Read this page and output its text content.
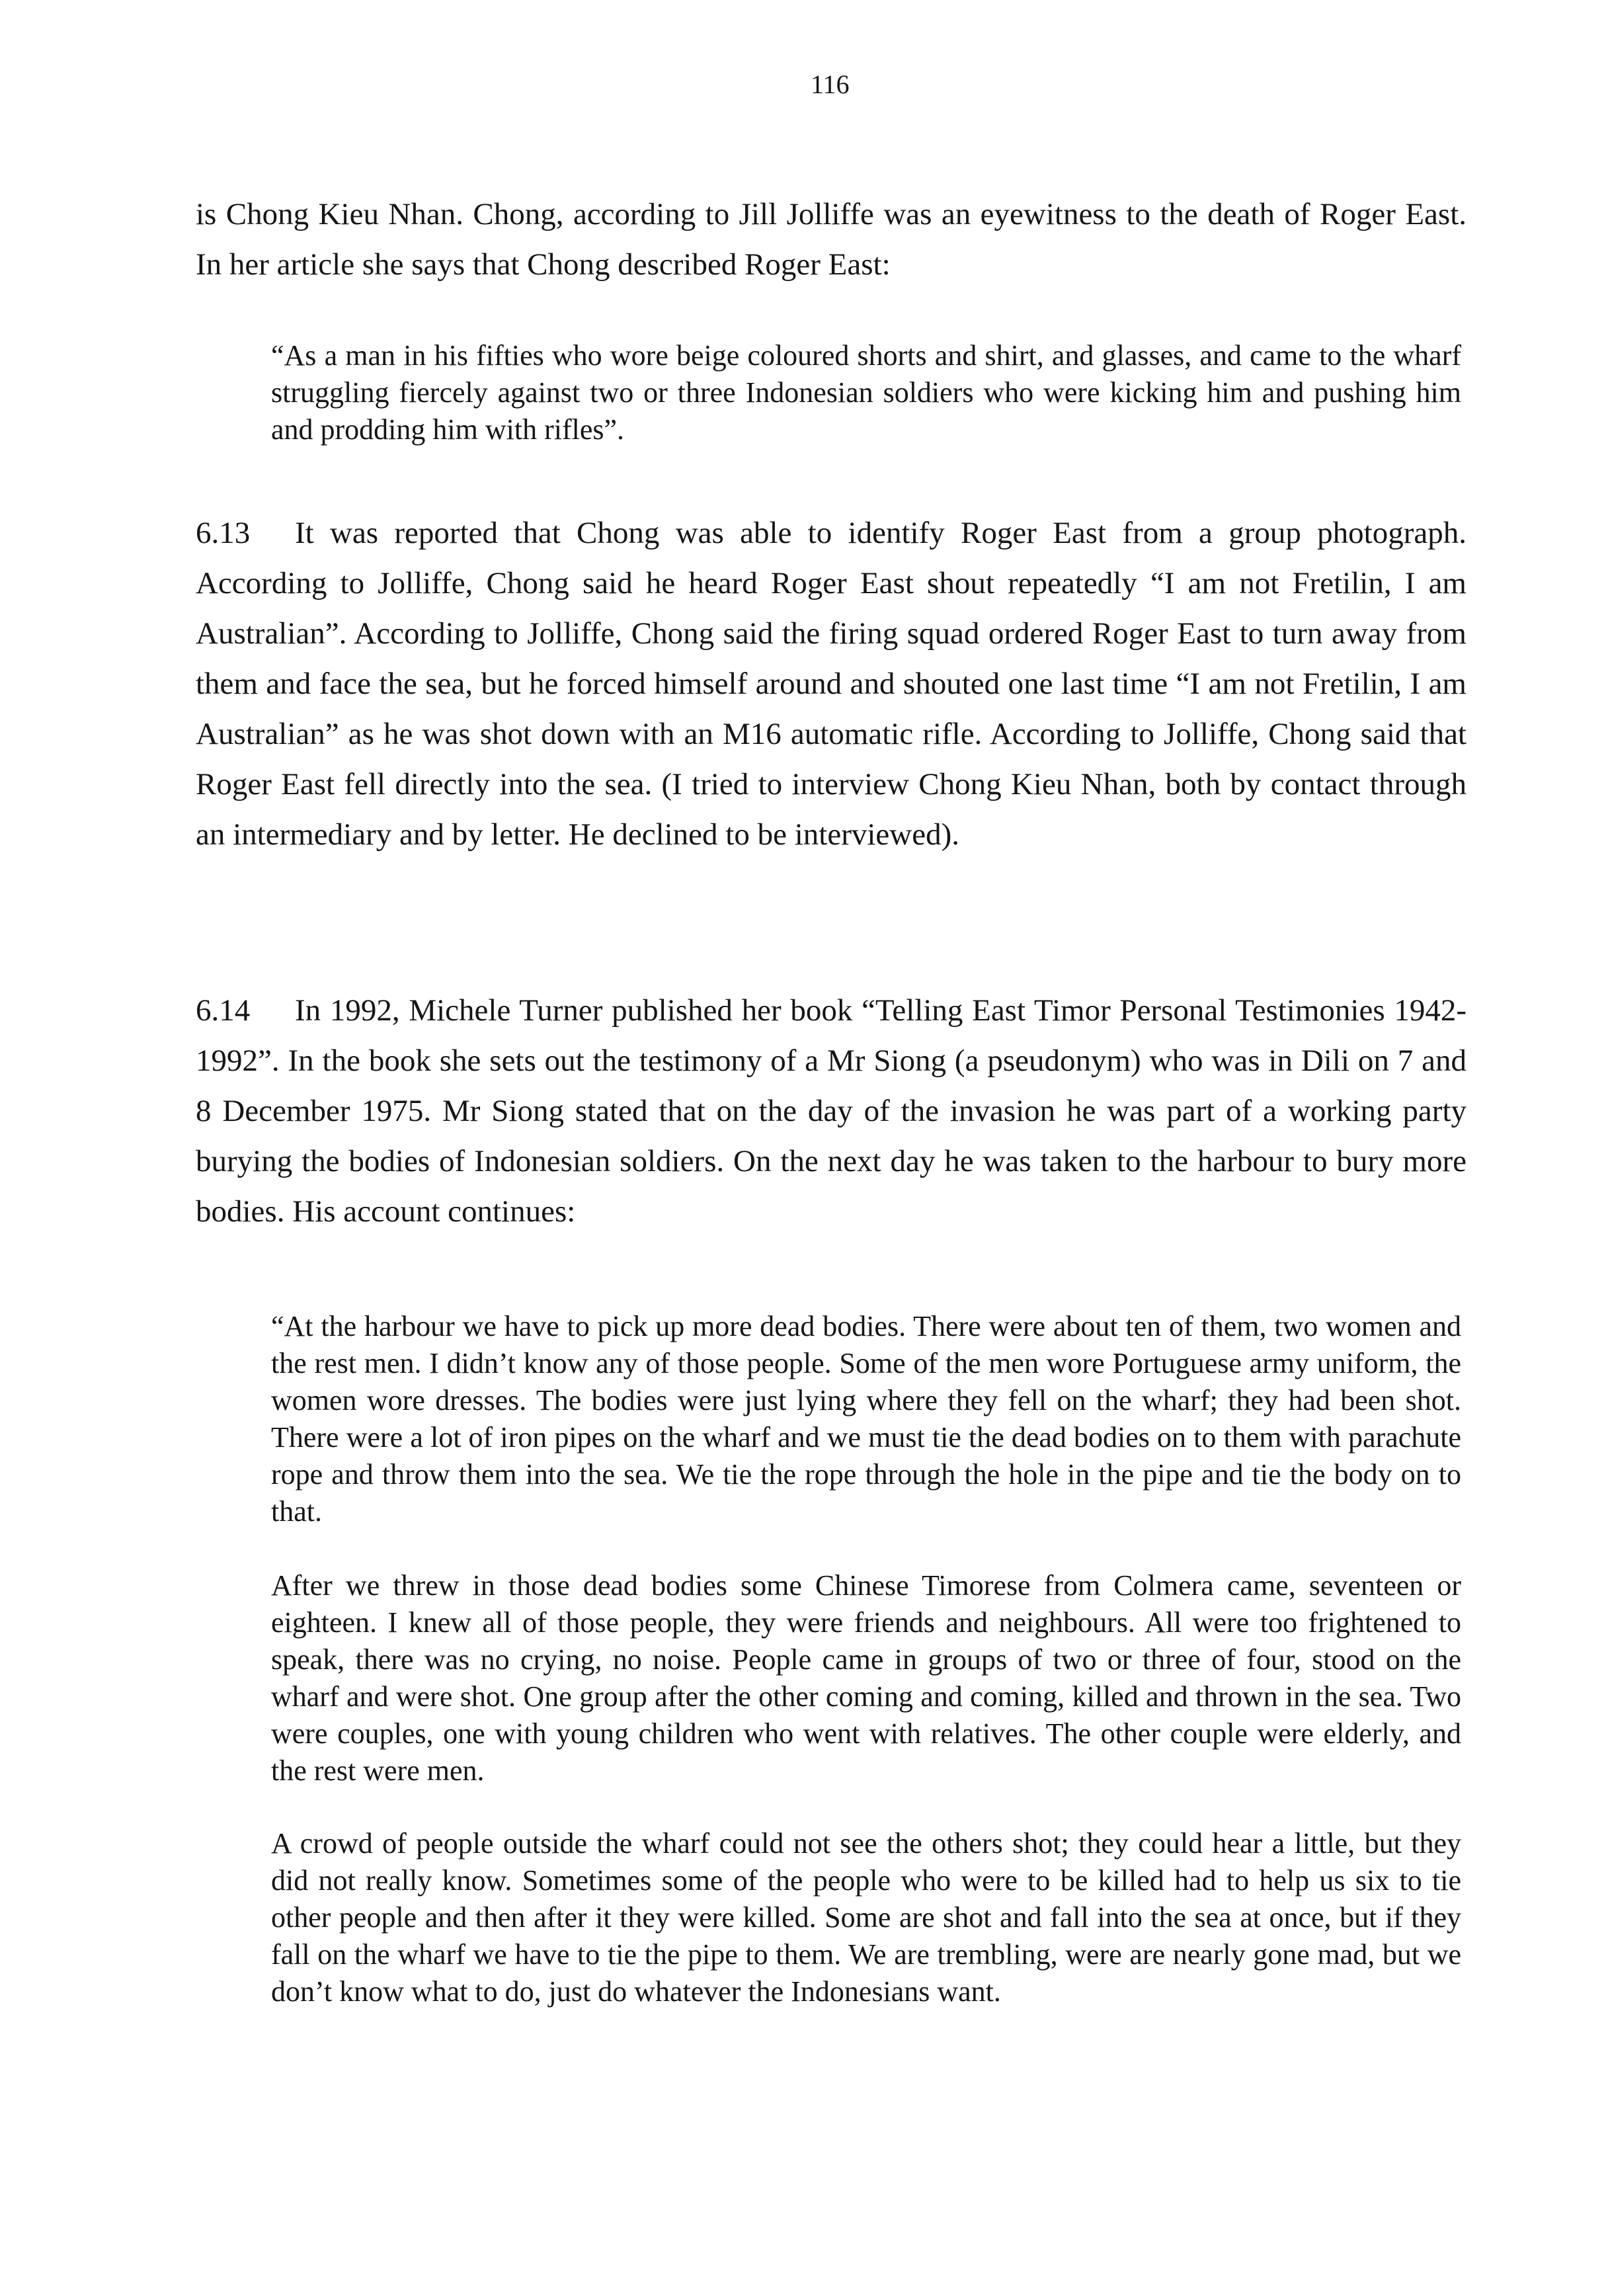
116

is Chong Kieu Nhan. Chong, according to Jill Jolliffe was an eyewitness to the death of Roger East. In her article she says that Chong described Roger East:

“As a man in his fifties who wore beige coloured shorts and shirt, and glasses, and came to the wharf struggling fiercely against two or three Indonesian soldiers who were kicking him and pushing him and prodding him with rifles”.

6.13 It was reported that Chong was able to identify Roger East from a group photograph. According to Jolliffe, Chong said he heard Roger East shout repeatedly “I am not Fretilin, I am Australian”. According to Jolliffe, Chong said the firing squad ordered Roger East to turn away from them and face the sea, but he forced himself around and shouted one last time “I am not Fretilin, I am Australian” as he was shot down with an M16 automatic rifle. According to Jolliffe, Chong said that Roger East fell directly into the sea. (I tried to interview Chong Kieu Nhan, both by contact through an intermediary and by letter. He declined to be interviewed).

6.14 In 1992, Michele Turner published her book “Telling East Timor Personal Testimonies 1942-1992”. In the book she sets out the testimony of a Mr Siong (a pseudonym) who was in Dili on 7 and 8 December 1975. Mr Siong stated that on the day of the invasion he was part of a working party burying the bodies of Indonesian soldiers. On the next day he was taken to the harbour to bury more bodies. His account continues:

“At the harbour we have to pick up more dead bodies. There were about ten of them, two women and the rest men. I didn’t know any of those people. Some of the men wore Portuguese army uniform, the women wore dresses. The bodies were just lying where they fell on the wharf; they had been shot. There were a lot of iron pipes on the wharf and we must tie the dead bodies on to them with parachute rope and throw them into the sea. We tie the rope through the hole in the pipe and tie the body on to that.

After we threw in those dead bodies some Chinese Timorese from Colmera came, seventeen or eighteen. I knew all of those people, they were friends and neighbours. All were too frightened to speak, there was no crying, no noise. People came in groups of two or three of four, stood on the wharf and were shot. One group after the other coming and coming, killed and thrown in the sea. Two were couples, one with young children who went with relatives. The other couple were elderly, and the rest were men.

A crowd of people outside the wharf could not see the others shot; they could hear a little, but they did not really know. Sometimes some of the people who were to be killed had to help us six to tie other people and then after it they were killed. Some are shot and fall into the sea at once, but if they fall on the wharf we have to tie the pipe to them. We are trembling, were are nearly gone mad, but we don’t know what to do, just do whatever the Indonesians want.
